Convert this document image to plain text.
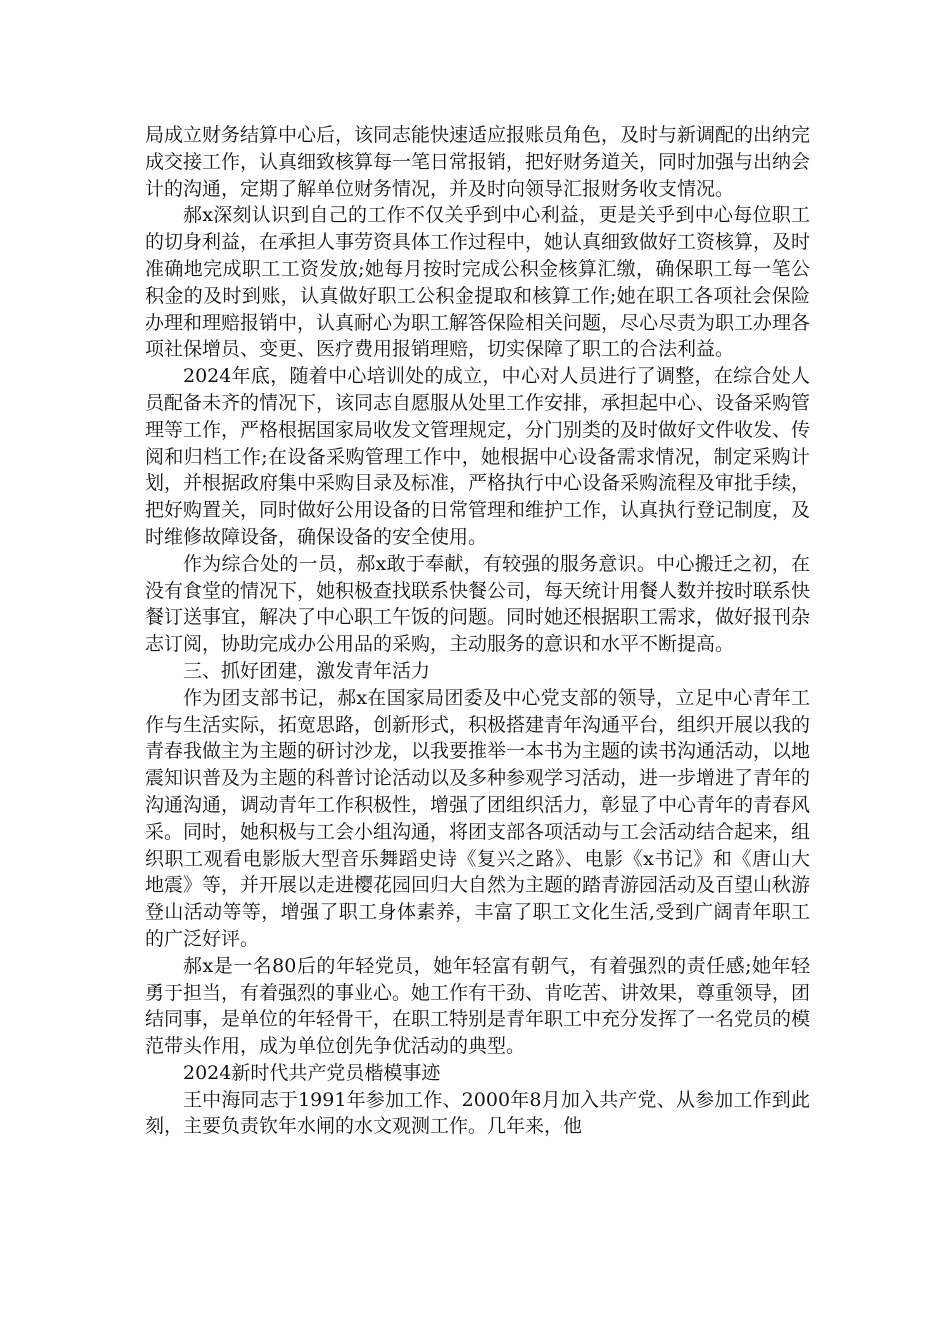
局成立财务结算中心后，该同志能快速适应报账员角色，及时与新调配的出纳完成交接工作，认真细致核算每一笔日常报销，把好财务道关，同时加强与出纳会计的沟通，定期了解单位财务情况，并及时向领导汇报财务收支情况。

郝x深刻认识到自己的工作不仅关乎到中心利益，更是关乎到中心每位职工的切身利益，在承担人事劳资具体工作过程中，她认真细致做好工资核算，及时准确地完成职工工资发放;她每月按时完成公积金核算汇缴，确保职工每一笔公积金的及时到账，认真做好职工公积金提取和核算工作;她在职工各项社会保险办理和理赔报销中，认真耐心为职工解答保险相关问题，尽心尽责为职工办理各项社保增员、变更、医疗费用报销理赔，切实保障了职工的合法利益。

2024年底，随着中心培训处的成立，中心对人员进行了调整，在综合处人员配备未齐的情况下，该同志自愿服从处里工作安排，承担起中心、设备采购管理等工作，严格根据国家局收发文管理规定，分门别类的及时做好文件收发、传阅和归档工作;在设备采购管理工作中，她根据中心设备需求情况，制定采购计划，并根据政府集中采购目录及标准，严格执行中心设备采购流程及审批手续，把好购置关，同时做好公用设备的日常管理和维护工作，认真执行登记制度，及时维修故障设备，确保设备的安全使用。

作为综合处的一员，郝x敢于奉献，有较强的服务意识。中心搬迁之初，在没有食堂的情况下，她积极查找联系快餐公司，每天统计用餐人数并按时联系快餐订送事宜，解决了中心职工午饭的问题。同时她还根据职工需求，做好报刊杂志订阅，协助完成办公用品的采购，主动服务的意识和水平不断提高。

三、抓好团建，激发青年活力

作为团支部书记，郝x在国家局团委及中心党支部的领导，立足中心青年工作与生活实际，拓宽思路，创新形式，积极搭建青年沟通平台，组织开展以我的青春我做主为主题的研讨沙龙，以我要推举一本书为主题的读书沟通活动，以地震知识普及为主题的科普讨论活动以及多种参观学习活动，进一步增进了青年的沟通沟通，调动青年工作积极性，增强了团组织活力，彰显了中心青年的青春风采。同时，她积极与工会小组沟通，将团支部各项活动与工会活动结合起来，组织职工观看电影版大型音乐舞蹈史诗《复兴之路》、电影《x书记》和《唐山大地震》等，并开展以走进樱花园回归大自然为主题的踏青游园活动及百望山秋游登山活动等等，增强了职工身体素养，丰富了职工文化生活,受到广阔青年职工的广泛好评。

郝x是一名80后的年轻党员，她年轻富有朝气，有着强烈的责任感;她年轻勇于担当，有着强烈的事业心。她工作有干劲、肯吃苦、讲效果，尊重领导，团结同事，是单位的年轻骨干，在职工特别是青年职工中充分发挥了一名党员的模范带头作用，成为单位创先争优活动的典型。

2024新时代共产党员楷模事迹

王中海同志于1991年参加工作、2000年8月加入共产党、从参加工作到此刻，主要负责钦年水闸的水文观测工作。几年来，他
